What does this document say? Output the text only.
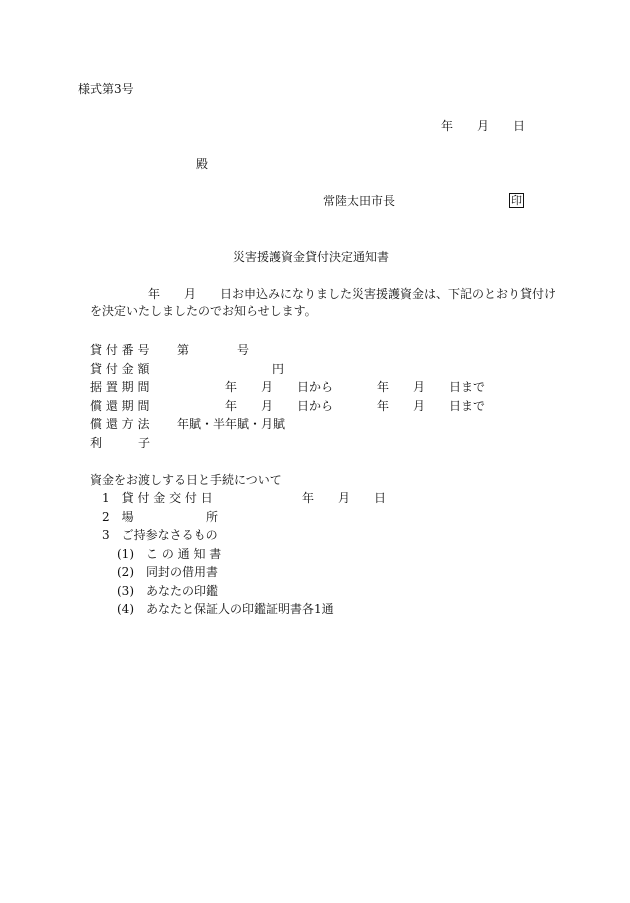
様式第3号
年　　月　　日
殿
常陸太田市長	印
災害援護資金貸付決定通知書
年　　月　　日お申込みになりました災害援護資金は、下記のとおり貸付け
を決定いたしましたのでお知らせします。
貸 付 番 号 第　　　　号
貸 付 金 額	円
据 置 期 間	年　　月　　日から	年　　月　　日まで
償 還 期 間	年　　月　　日から	年　　月　　日まで
償 還 方 法 年賦・半年賦・月賦
利　　　子
資金をお渡しする日と手続について
1　貸 付 金 交 付 日	年　　月　　日
2　場	所
3　ご持参なさるもの
(1)　こ の 通 知 書
(2)　同封の借用書
(3)　あなたの印鑑
(4)　あなたと保証人の印鑑証明書各1通
